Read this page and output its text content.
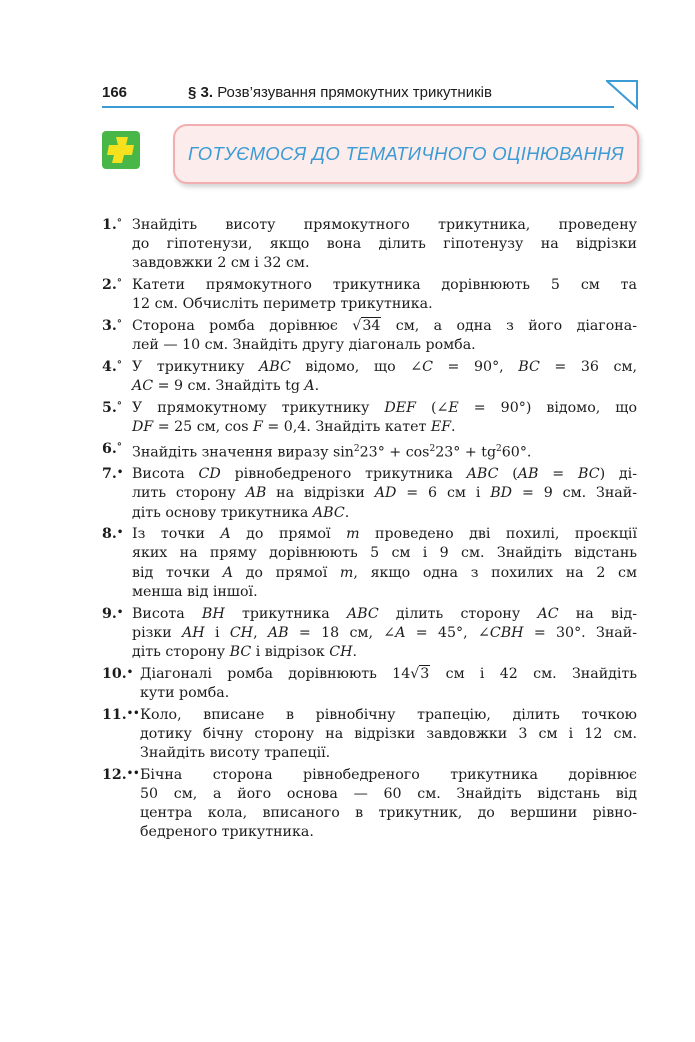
166	§ 3. Розв’язування прямокутних трикутників
ГОТУЄМОСЯ ДО ТЕМАТИЧНОГО ОЦІНЮВАННЯ
1.° Знайдіть висоту прямокутного трикутника, проведену
до гіпотенузи, якщо вона ділить гіпотенузу на відрізки
завдовжки 2 см і 32 см.
2.° Катети прямокутного трикутника дорівнюють 5 см та
12 см. Обчисліть периметр трикутника.
3.° Сторона ромба дорівнює √34 см, а одна з його діагона-
лей — 10 см. Знайдіть другу діагональ ромба.
4.° У трикутнику ABC відомо, що ∠C = 90°, BC = 36 см,
AC = 9 см. Знайдіть tg A.
5.° У прямокутному трикутнику DEF (∠E = 90°) відомо, що
DF = 25 см, cos F = 0,4. Знайдіть катет EF.
6.° Знайдіть значення виразу $\sin^223^\circ + \cos^223^\circ + tg^260^\circ$.
7.• Висота CD рівнобедреного трикутника ABC (AB = BC) ді-
лить сторону AB на відрізки AD = 6 см і BD = 9 см. Знай-
діть основу трикутника ABC.
8.• Із точки A до прямої m проведено дві похилі, проєкції
яких на пряму дорівнюють 5 см і 9 см. Знайдіть відстань
від точки A до прямої m, якщо одна з похилих на 2 см
менша від іншої.
9.• Висота BH трикутника ABC ділить сторону AC на від-
різки AH і CH, AB = 18 см, ∠A = 45°, ∠CBH = 30°. Знай-
діть сторону BC і відрізок CH.
10.• Діагоналі ромба дорівнюють 14√3 см і 42 см. Знайдіть
кути ромба.
11.•• Коло, вписане в рівнобічну трапецію, ділить точкою
дотику бічну сторону на відрізки завдовжки 3 см і 12 см.
Знайдіть висоту трапеції.
12.•• Бічна сторона рівнобедреного трикутника дорівнює
50 см, а його основа — 60 см. Знайдіть відстань від
центра кола, вписаного в трикутник, до вершини рівно-
бедреного трикутника.
